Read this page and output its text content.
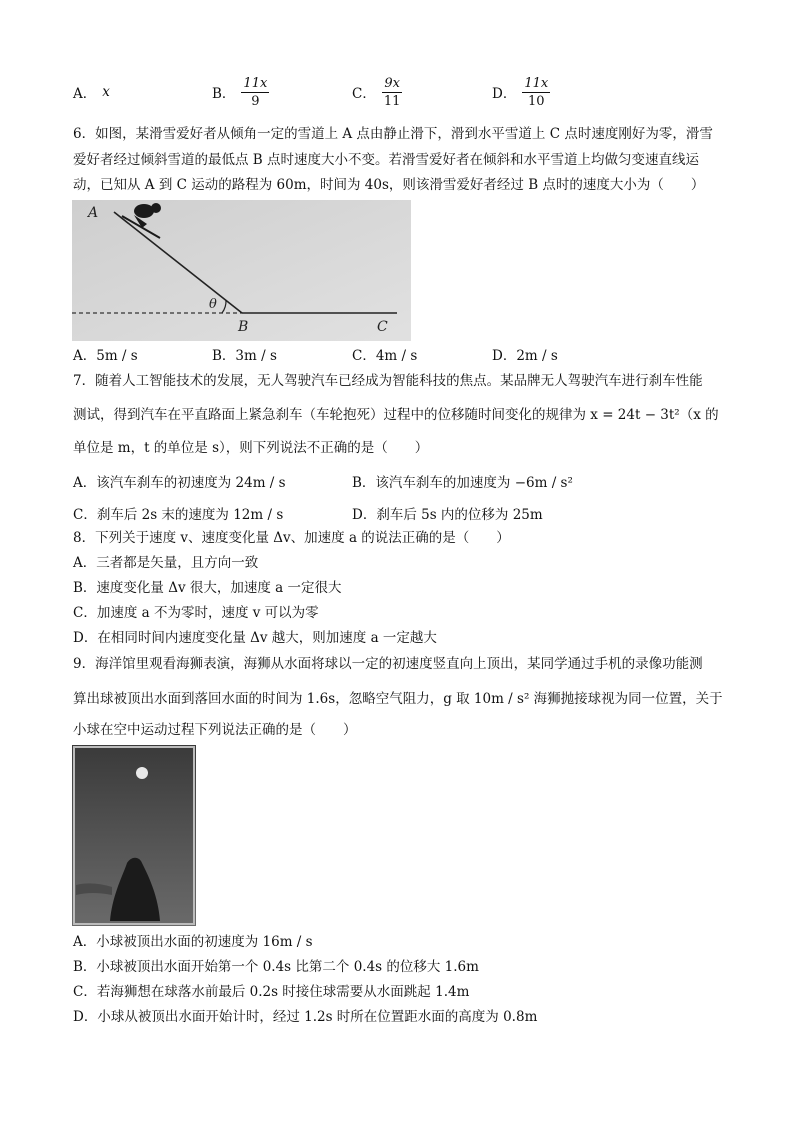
A． x	B． $\frac{11x}{9}$	C． $\frac{9x}{11}$	D． $\frac{11x}{10}$
6．如图，某滑雪爱好者从倾角一定的雪道上 A 点由静止滑下，滑到水平雪道上 C 点时速度刚好为零，滑雪
爱好者经过倾斜雪道的最低点 B 点时速度大小不变。若滑雪爱好者在倾斜和水平雪道上均做匀变速直线运
动，已知从 A 到 C 运动的路程为 60m，时间为 40s，则该滑雪爱好者经过 B 点时的速度大小为（　　）
A
θ
B	C
A．5m / s	B．3m / s	C．4m / s	D．2m / s
7．随着人工智能技术的发展，无人驾驶汽车已经成为智能科技的焦点。某品牌无人驾驶汽车进行刹车性能
测试，得到汽车在平直路面上紧急刹车（车轮抱死）过程中的位移随时间变化的规律为 x = 24t − 3t²（x 的
单位是 m，t 的单位是 s），则下列说法不正确的是（　　）
A．该汽车刹车的初速度为 24m / s	B．该汽车刹车的加速度为 −6m / s²
C．刹车后 2s 末的速度为 12m / s	D．刹车后 5s 内的位移为 25m
8．下列关于速度 v、速度变化量 Δv、加速度 a 的说法正确的是（　　）
A．三者都是矢量，且方向一致
B．速度变化量 Δv 很大，加速度 a 一定很大
C．加速度 a 不为零时，速度 v 可以为零
D．在相同时间内速度变化量 Δv 越大，则加速度 a 一定越大
9．海洋馆里观看海狮表演，海狮从水面将球以一定的初速度竖直向上顶出，某同学通过手机的录像功能测
算出球被顶出水面到落回水面的时间为 1.6s，忽略空气阻力，g 取 10m / s² 海狮抛接球视为同一位置，关于
小球在空中运动过程下列说法正确的是（　　）
A．小球被顶出水面的初速度为 16m / s
B．小球被顶出水面开始第一个 0.4s 比第二个 0.4s 的位移大 1.6m
C．若海狮想在球落水前最后 0.2s 时接住球需要从水面跳起 1.4m
D．小球从被顶出水面开始计时，经过 1.2s 时所在位置距水面的高度为 0.8m
